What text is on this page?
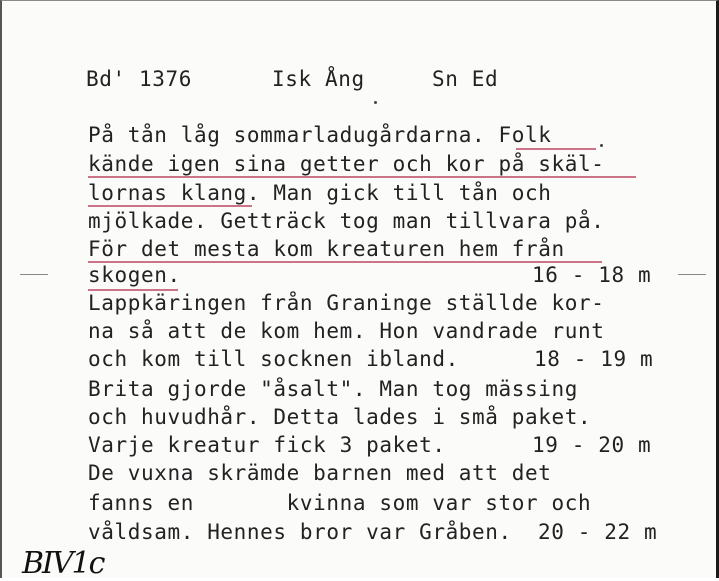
Bd' 1376	Isk Ång	Sn Ed
På tån låg sommarladugårdarna. Folk
kände igen sina getter och kor på skäl-
lornas klang. Man gick till tån och
mjölkade. Getträck tog man tillvara på.
För det mesta kom kreaturen hem från
skogen.
Lappkäringen från Graninge ställde kor-
na så att de kom hem. Hon vandrade runt
och kom till socknen ibland.
Brita gjorde "åsalt". Man tog mässing
och huvudhår. Detta lades i små paket.
Varje kreatur fick 3 paket.
De vuxna skrämde barnen med att det
fanns en       kvinna som var stor och
våldsam. Hennes bror var Gråben.
16 - 18 m
18 - 19 m
19 - 20 m
20 - 22 m
BIV1c
